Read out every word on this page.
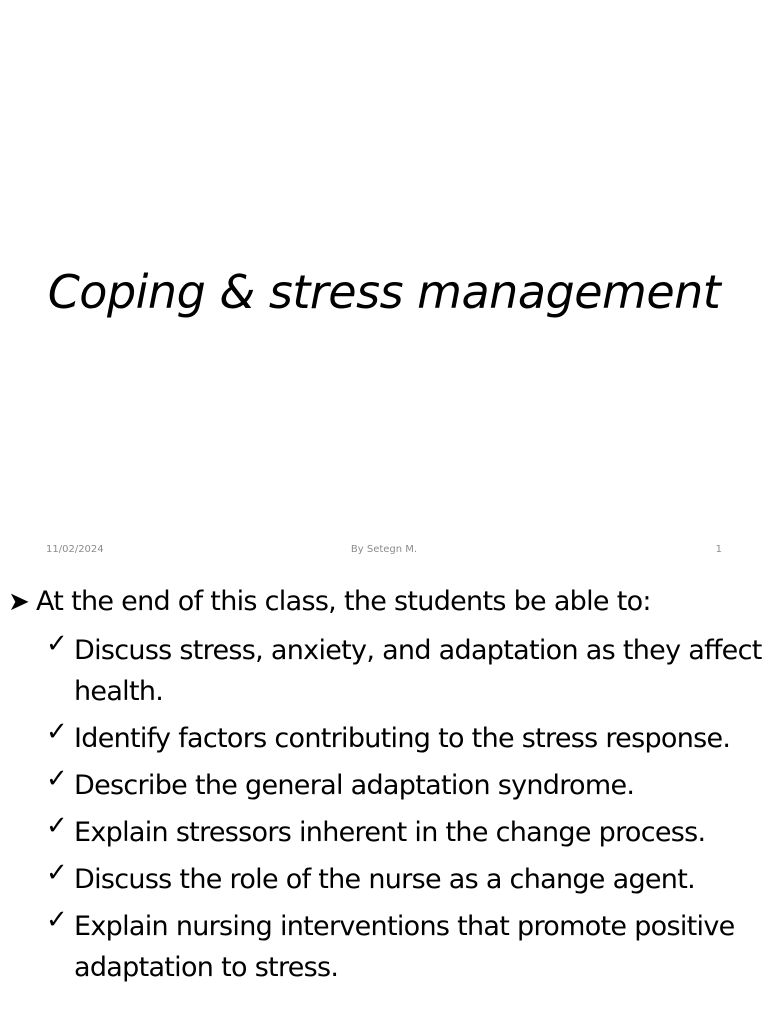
Coping & stress management
11/02/2024	By Setegn M.	1
➤ At the end of this class, the students be able to:
✓ Discuss stress, anxiety, and adaptation as they affect health.
✓ Identify factors contributing to the stress response.
✓ Describe the general adaptation syndrome.
✓ Explain stressors inherent in the change process.
✓ Discuss the role of the nurse as a change agent.
✓ Explain nursing interventions that promote positive adaptation to stress.
